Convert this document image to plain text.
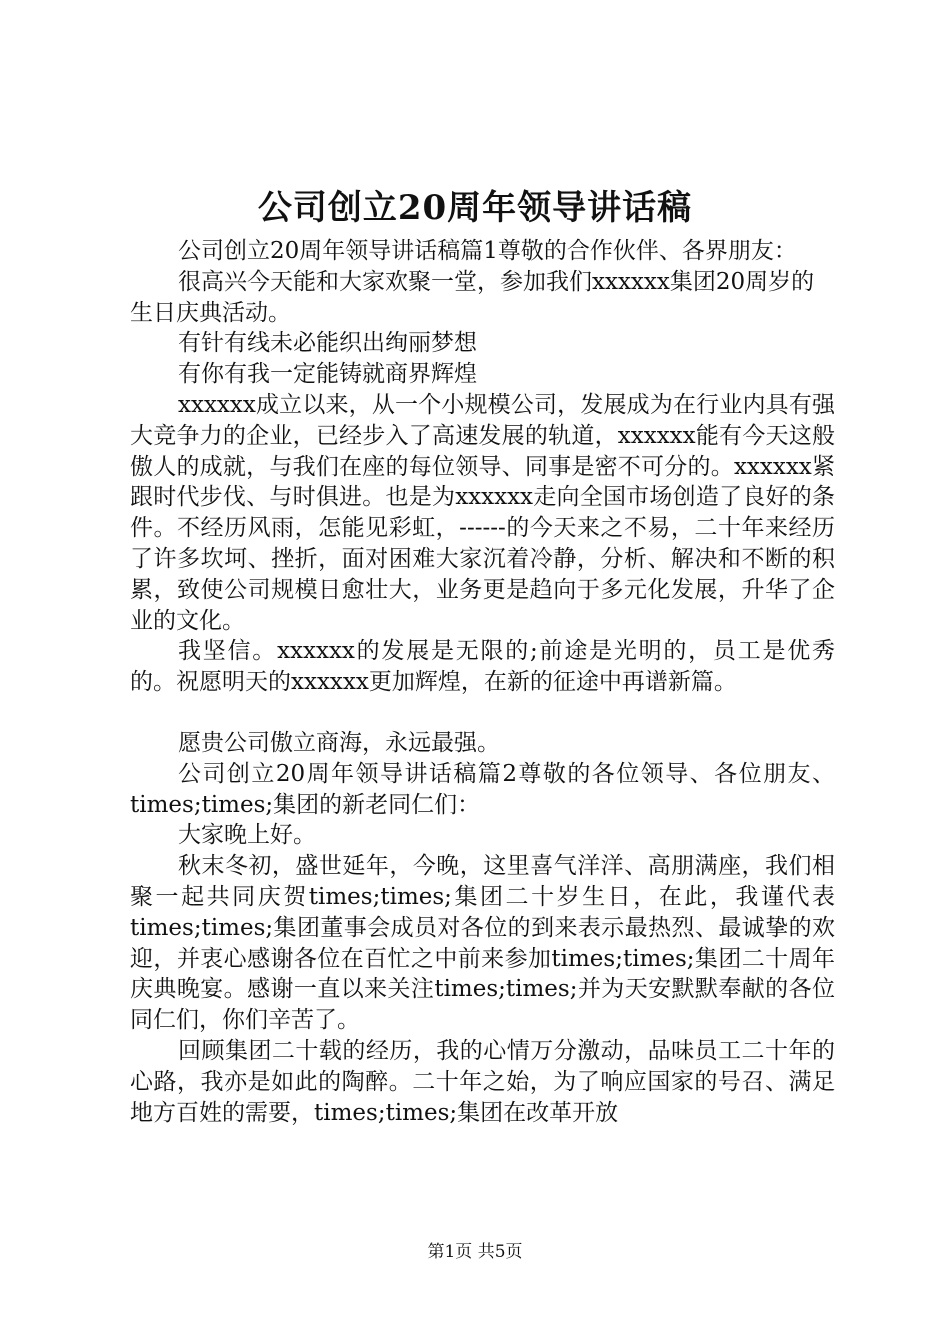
公司创立20周年领导讲话稿

公司创立20周年领导讲话稿篇1尊敬的合作伙伴、各界朋友：

很高兴今天能和大家欢聚一堂，参加我们xxxxxx集团20周岁的生日庆典活动。

有针有线未必能织出绚丽梦想

有你有我一定能铸就商界辉煌

xxxxxx成立以来，从一个小规模公司，发展成为在行业内具有强大竞争力的企业，已经步入了高速发展的轨道，xxxxxx能有今天这般傲人的成就，与我们在座的每位领导、同事是密不可分的。xxxxxx紧跟时代步伐、与时俱进。也是为xxxxxx走向全国市场创造了良好的条件。不经历风雨，怎能见彩虹，------的今天来之不易，二十年来经历了许多坎坷、挫折，面对困难大家沉着冷静，分析、解决和不断的积累，致使公司规模日愈壮大，业务更是趋向于多元化发展，升华了企业的文化。

我坚信。xxxxxx的发展是无限的;前途是光明的，员工是优秀的。祝愿明天的xxxxxx更加辉煌，在新的征途中再谱新篇。

愿贵公司傲立商海，永远最强。

公司创立20周年领导讲话稿篇2尊敬的各位领导、各位朋友、times;times;集团的新老同仁们：

大家晚上好。

秋末冬初，盛世延年，今晚，这里喜气洋洋、高朋满座，我们相聚一起共同庆贺times;times;集团二十岁生日，在此，我谨代表times;times;集团董事会成员对各位的到来表示最热烈、最诚挚的欢迎，并衷心感谢各位在百忙之中前来参加times;times;集团二十周年庆典晚宴。感谢一直以来关注times;times;并为天安默默奉献的各位同仁们，你们辛苦了。

回顾集团二十载的经历，我的心情万分激动，品味员工二十年的心路，我亦是如此的陶醉。二十年之始，为了响应国家的号召、满足地方百姓的需要，times;times;集团在改革开放

第1页 共5页
